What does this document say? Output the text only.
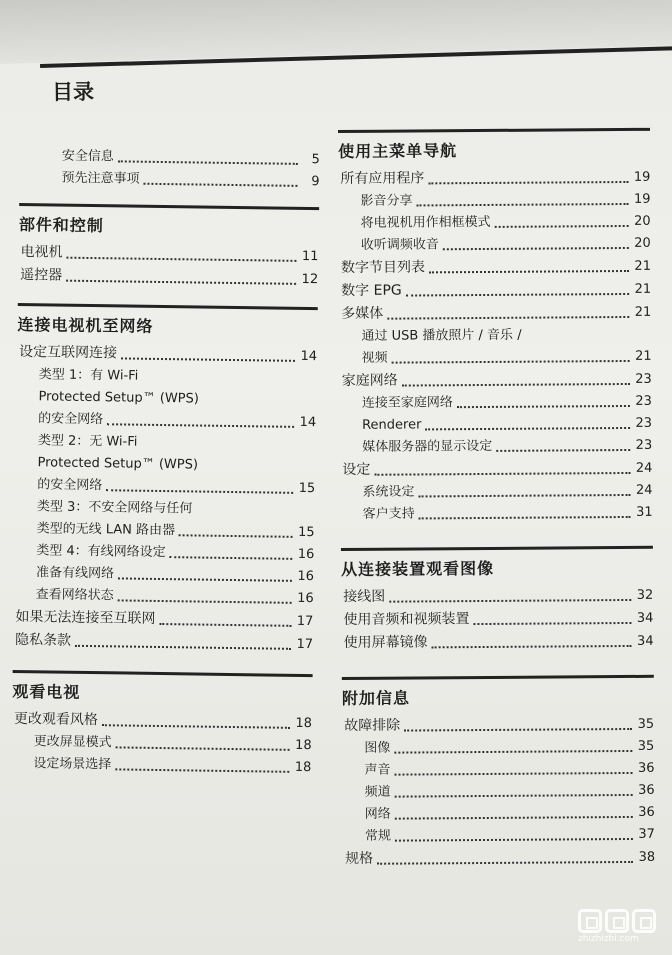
目录
安全信息	5
预先注意事项	9
部件和控制
电视机	11
遥控器	12
连接电视机至网络
设定互联网连接	14
类型 1：有 Wi-Fi
Protected Setup™ (WPS)
的安全网络	14
类型 2：无 Wi-Fi
Protected Setup™ (WPS)
的安全网络	15
类型 3：不安全网络与任何
类型的无线 LAN 路由器	15
类型 4：有线网络设定	16
准备有线网络	16
查看网络状态	16
如果无法连接至互联网	17
隐私条款	17
观看电视
更改观看风格	18
更改屏显模式	18
设定场景选择	18
使用主菜单导航
所有应用程序	19
影音分享	19
将电视机用作相框模式	20
收听调频收音	20
数字节目列表	21
数字 EPG	21
多媒体	21
通过 USB 播放照片 / 音乐 /
视频	21
家庭网络	23
连接至家庭网络	23
Renderer	23
媒体服务器的显示设定	23
设定	24
系统设定	24
客户支持	31
从连接装置观看图像
接线图	32
使用音频和视频装置	34
使用屏幕镜像	34
附加信息
故障排除	35
图像	35
声音	36
频道	36
网络	36
常规	37
规格	38
zhizhizhi.com
